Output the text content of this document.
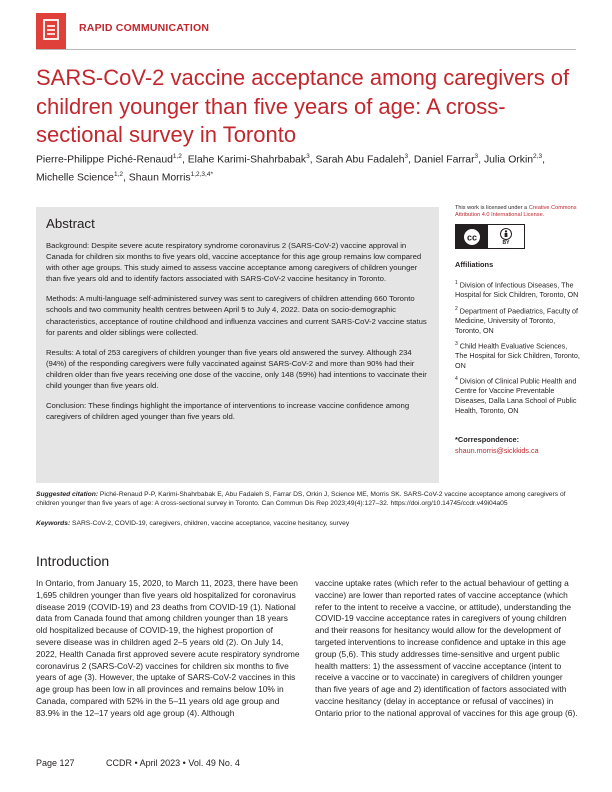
RAPID COMMUNICATION
SARS-CoV-2 vaccine acceptance among caregivers of children younger than five years of age: A cross-sectional survey in Toronto

Pierre-Philippe Piché-Renaud$^{1,2}$, Elahe Karimi-Shahrbabak$^3$, Sarah Abu Fadaleh$^3$, Daniel Farrar$^3$, Julia Orkin$^{2,3}$, Michelle Science$^{1,2}$, Shaun Morris$^{1,2,3,4*}$

Abstract

Background: Despite severe acute respiratory syndrome coronavirus 2 (SARS-CoV-2) vaccine approval in Canada for children six months to five years old, vaccine acceptance for this age group remains low compared with other age groups. This study aimed to assess vaccine acceptance among caregivers of children younger than five years old and to identify factors associated with SARS-CoV-2 vaccine hesitancy in Toronto.

Methods: A multi-language self-administered survey was sent to caregivers of children attending 660 Toronto schools and two community health centres between April 5 to July 4, 2022. Data on socio-demographic characteristics, acceptance of routine childhood and influenza vaccines and current SARS-CoV-2 vaccine status for parents and older siblings were collected.

Results: A total of 253 caregivers of children younger than five years old answered the survey. Although 234 (94%) of the responding caregivers were fully vaccinated against SARS-CoV-2 and more than 90% had their children older than five years receiving one dose of the vaccine, only 148 (59%) had intentions to vaccinate their child younger than five years old.

Conclusion: These findings highlight the importance of interventions to increase vaccine confidence among caregivers of children aged younger than five years old.

This work is licensed under a Creative Commons Attribution 4.0 International License.

cc
BY

Affiliations

$^1$ Division of Infectious Diseases, The Hospital for Sick Children, Toronto, ON

$^2$ Department of Paediatrics, Faculty of Medicine, University of Toronto, Toronto, ON

$^3$ Child Health Evaluative Sciences, The Hospital for Sick Children, Toronto, ON

$^4$ Division of Clinical Public Health and Centre for Vaccine Preventable Diseases, Dalla Lana School of Public Health, Toronto, ON

*Correspondence:

shaun.morris@sickkids.ca

Suggested citation: Piché-Renaud P-P, Karimi-Shahrbabak E, Abu Fadaleh S, Farrar DS, Orkin J, Science ME, Morris SK. SARS-CoV-2 vaccine acceptance among caregivers of children younger than five years of age: A cross-sectional survey in Toronto. Can Commun Dis Rep 2023;49(4):127–32. https://doi.org/10.14745/ccdr.v49i04a05

Keywords: SARS-CoV-2, COVID-19, caregivers, children, vaccine acceptance, vaccine hesitancy, survey

Introduction

In Ontario, from January 15, 2020, to March 11, 2023, there have been 1,695 children younger than five years old hospitalized for coronavirus disease 2019 (COVID-19) and 23 deaths from COVID-19 (1). National data from Canada found that among children younger than 18 years old hospitalized because of COVID-19, the highest proportion of severe disease was in children aged 2–5 years old (2). On July 14, 2022, Health Canada first approved severe acute respiratory syndrome coronavirus 2 (SARS-CoV-2) vaccines for children six months to five years of age (3). However, the uptake of SARS-CoV-2 vaccines in this age group has been low in all provinces and remains below 10% in Canada, compared with 52% in the 5–11 years old age group and 83.9% in the 12–17 years old age group (4). Although

vaccine uptake rates (which refer to the actual behaviour of getting a vaccine) are lower than reported rates of vaccine acceptance (which refer to the intent to receive a vaccine, or attitude), understanding the COVID-19 vaccine acceptance rates in caregivers of young children and their reasons for hesitancy would allow for the development of targeted interventions to increase confidence and uptake in this age group (5,6). This study addresses time-sensitive and urgent public health matters: 1) the assessment of vaccine acceptance (intent to receive a vaccine or to vaccinate) in caregivers of children younger than five years of age and 2) identification of factors associated with vaccine hesitancy (delay in acceptance or refusal of vaccines) in Ontario prior to the national approval of vaccines for this age group (6).

Page 127	CCDR • April 2023 • Vol. 49 No. 4
